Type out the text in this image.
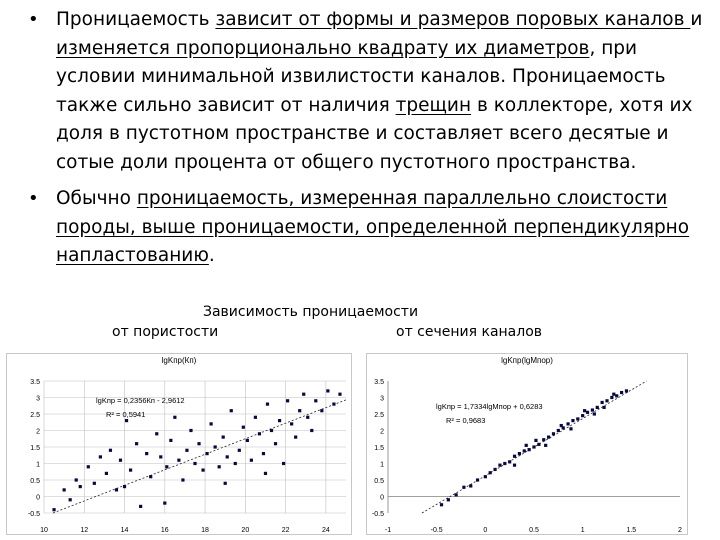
• Проницаемость зависит от формы и размеров поровых каналов и изменяется пропорционально квадрату их диаметров, при условии минимальной извилистости каналов. Проницаемость также сильно зависит от наличия трещин в коллекторе, хотя их доля в пустотном пространстве и составляет всего десятые и сотые доли процента от общего пустотного пространства.
• Обычно проницаемость, измеренная параллельно слоистости породы, выше проницаемости, определенной перпендикулярно напластованию.
Зависимость проницаемости
от пористости	от сечения каналов
lgKпр(Кп)
3.5
3
2.5
2
1.5
1
0.5
0
-0.5
10	12	14	16	18	20	22	24
lgKпр = 0,2356Кп - 2,9612
R² = 0,5941
lgKпр(lgMпор)
3.5
3
2.5
2
1.5
1
0.5
0
-0.5
-1	-0.5	0	0.5	1	1.5	2
lgKпр = 1,7334lgMпор + 0,6283
R² = 0,9683
